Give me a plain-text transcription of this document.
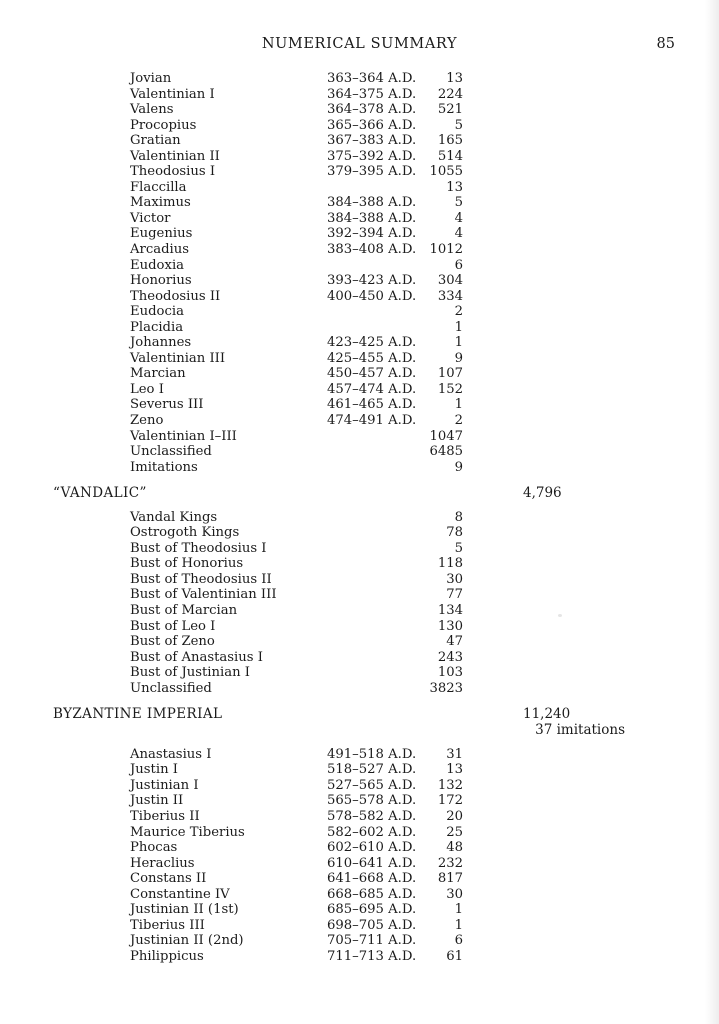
NUMERICAL SUMMARY	85
Jovian	363–364 A.D.	13
Valentinian I	364–375 A.D.	224
Valens	364–378 A.D.	521
Procopius	365–366 A.D.	5
Gratian	367–383 A.D.	165
Valentinian II	375–392 A.D.	514
Theodosius I	379–395 A.D.	1055
Flaccilla	13
Maximus	384–388 A.D.	5
Victor	384–388 A.D.	4
Eugenius	392–394 A.D.	4
Arcadius	383–408 A.D.	1012
Eudoxia	6
Honorius	393–423 A.D.	304
Theodosius II	400–450 A.D.	334
Eudocia	2
Placidia	1
Johannes	423–425 A.D.	1
Valentinian III	425–455 A.D.	9
Marcian	450–457 A.D.	107
Leo I	457–474 A.D.	152
Severus III	461–465 A.D.	1
Zeno	474–491 A.D.	2
Valentinian I–III	1047
Unclassified	6485
Imitations	9
“VANDALIC”	4,796
Vandal Kings	8
Ostrogoth Kings	78
Bust of Theodosius I	5
Bust of Honorius	118
Bust of Theodosius II	30
Bust of Valentinian III	77
Bust of Marcian	134
Bust of Leo I	130
Bust of Zeno	47
Bust of Anastasius I	243
Bust of Justinian I	103
Unclassified	3823
BYZANTINE IMPERIAL	11,240
37 imitations
Anastasius I	491–518 A.D.	31
Justin I	518–527 A.D.	13
Justinian I	527–565 A.D.	132
Justin II	565–578 A.D.	172
Tiberius II	578–582 A.D.	20
Maurice Tiberius	582–602 A.D.	25
Phocas	602–610 A.D.	48
Heraclius	610–641 A.D.	232
Constans II	641–668 A.D.	817
Constantine IV	668–685 A.D.	30
Justinian II (1st)	685–695 A.D.	1
Tiberius III	698–705 A.D.	1
Justinian II (2nd)	705–711 A.D.	6
Philippicus	711–713 A.D.	61
